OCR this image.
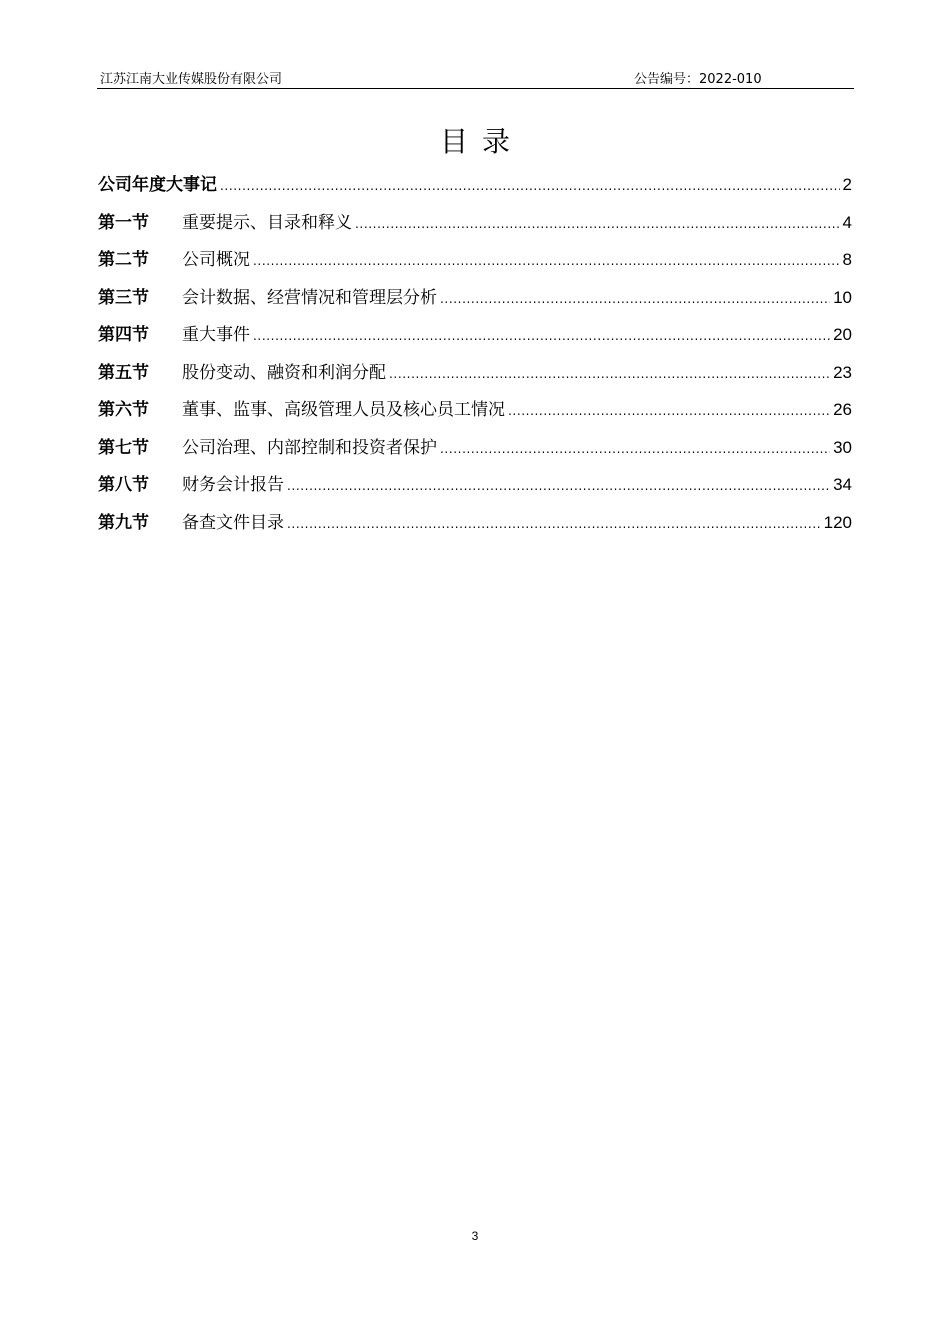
江苏江南大业传媒股份有限公司	公告编号：2022-010
目录
公司年度大事记 .....	2
第一节	重要提示、目录和释义 .....	4
第二节	公司概况 .....	8
第三节	会计数据、经营情况和管理层分析 .....	10
第四节	重大事件 .....	20
第五节	股份变动、融资和利润分配 .....	23
第六节	董事、监事、高级管理人员及核心员工情况 .....	26
第七节	公司治理、内部控制和投资者保护 .....	30
第八节	财务会计报告 .....	34
第九节	备查文件目录 .....	120
3
